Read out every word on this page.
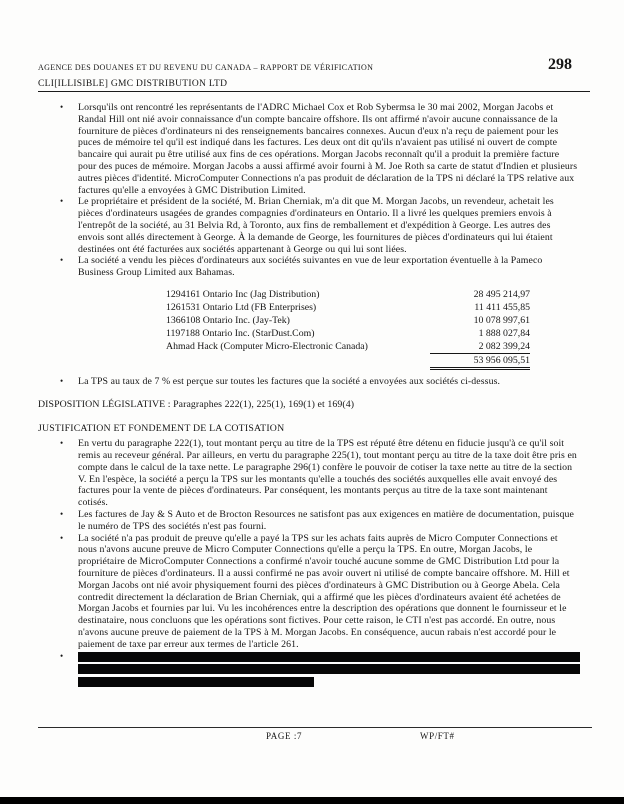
AGENCE DES DOUANES ET DU REVENU DU CANADA – RAPPORT DE VÉRIFICATION	298
CLI[ILLISIBLE] GMC DISTRIBUTION LTD
•	Lorsqu'ils ont rencontré les représentants de l'ADRC Michael Cox et Rob Sybermsa le 30 mai 2002, Morgan Jacobs et Randal Hill ont nié avoir connaissance d'un compte bancaire offshore. Ils ont affirmé n'avoir aucune connaissance de la fourniture de pièces d'ordinateurs ni des renseignements bancaires connexes. Aucun d'eux n'a reçu de paiement pour les puces de mémoire tel qu'il est indiqué dans les factures. Les deux ont dit qu'ils n'avaient pas utilisé ni ouvert de compte bancaire qui aurait pu être utilisé aux fins de ces opérations. Morgan Jacobs reconnaît qu'il a produit la première facture pour des puces de mémoire. Morgan Jacobs a aussi affirmé avoir fourni à M. Joe Roth sa carte de statut d'Indien et plusieurs autres pièces d'identité. MicroComputer Connections n'a pas produit de déclaration de la TPS ni déclaré la TPS relative aux factures qu'elle a envoyées à GMC Distribution Limited.
•	Le propriétaire et président de la société, M. Brian Cherniak, m'a dit que M. Morgan Jacobs, un revendeur, achetait les pièces d'ordinateurs usagées de grandes compagnies d'ordinateurs en Ontario. Il a livré les quelques premiers envois à l'entrepôt de la société, au 31 Belvia Rd, à Toronto, aux fins de remballement et d'expédition à George. Les autres des envois sont allés directement à George. À la demande de George, les fournitures de pièces d'ordinateurs qui lui étaient destinées ont été facturées aux sociétés appartenant à George ou qui lui sont liées.
•	La société a vendu les pièces d'ordinateurs aux sociétés suivantes en vue de leur exportation éventuelle à la Pameco Business Group Limited aux Bahamas.
1294161 Ontario Inc (Jag Distribution)	28 495 214,97
1261531 Ontario Ltd (FB Enterprises)	11 411 455,85
1366108 Ontario Inc. (Jay-Tek)	10 078 997,61
1197188 Ontario Inc. (StarDust.Com)	1 888 027,84
Ahmad Hack (Computer Micro-Electronic Canada)	2 082 399,24
53 956 095,51
•	La TPS au taux de 7 % est perçue sur toutes les factures que la société a envoyées aux sociétés ci-dessus.
DISPOSITION LÉGISLATIVE : Paragraphes 222(1), 225(1), 169(1) et 169(4)
JUSTIFICATION ET FONDEMENT DE LA COTISATION
•	En vertu du paragraphe 222(1), tout montant perçu au titre de la TPS est réputé être détenu en fiducie jusqu'à ce qu'il soit remis au receveur général. Par ailleurs, en vertu du paragraphe 225(1), tout montant perçu au titre de la taxe doit être pris en compte dans le calcul de la taxe nette. Le paragraphe 296(1) confère le pouvoir de cotiser la taxe nette au titre de la section V. En l'espèce, la société a perçu la TPS sur les montants qu'elle a touchés des sociétés auxquelles elle avait envoyé des factures pour la vente de pièces d'ordinateurs. Par conséquent, les montants perçus au titre de la taxe sont maintenant cotisés.
•	Les factures de Jay & S Auto et de Brocton Resources ne satisfont pas aux exigences en matière de documentation, puisque le numéro de TPS des sociétés n'est pas fourni.
•	La société n'a pas produit de preuve qu'elle a payé la TPS sur les achats faits auprès de Micro Computer Connections et nous n'avons aucune preuve de Micro Computer Connections qu'elle a perçu la TPS. En outre, Morgan Jacobs, le propriétaire de MicroComputer Connections a confirmé n'avoir touché aucune somme de GMC Distribution Ltd pour la fourniture de pièces d'ordinateurs. Il a aussi confirmé ne pas avoir ouvert ni utilisé de compte bancaire offshore. M. Hill et Morgan Jacobs ont nié avoir physiquement fourni des pièces d'ordinateurs à GMC Distribution ou à George Abela. Cela contredit directement la déclaration de Brian Cherniak, qui a affirmé que les pièces d'ordinateurs avaient été achetées de Morgan Jacobs et fournies par lui. Vu les incohérences entre la description des opérations que donnent le fournisseur et le destinataire, nous concluons que les opérations sont fictives. Pour cette raison, le CTI n'est pas accordé. En outre, nous n'avons aucune preuve de paiement de la TPS à M. Morgan Jacobs. En conséquence, aucun rabais n'est accordé pour le paiement de taxe par erreur aux termes de l'article 261.
•
PAGE :7	WP/FT#
